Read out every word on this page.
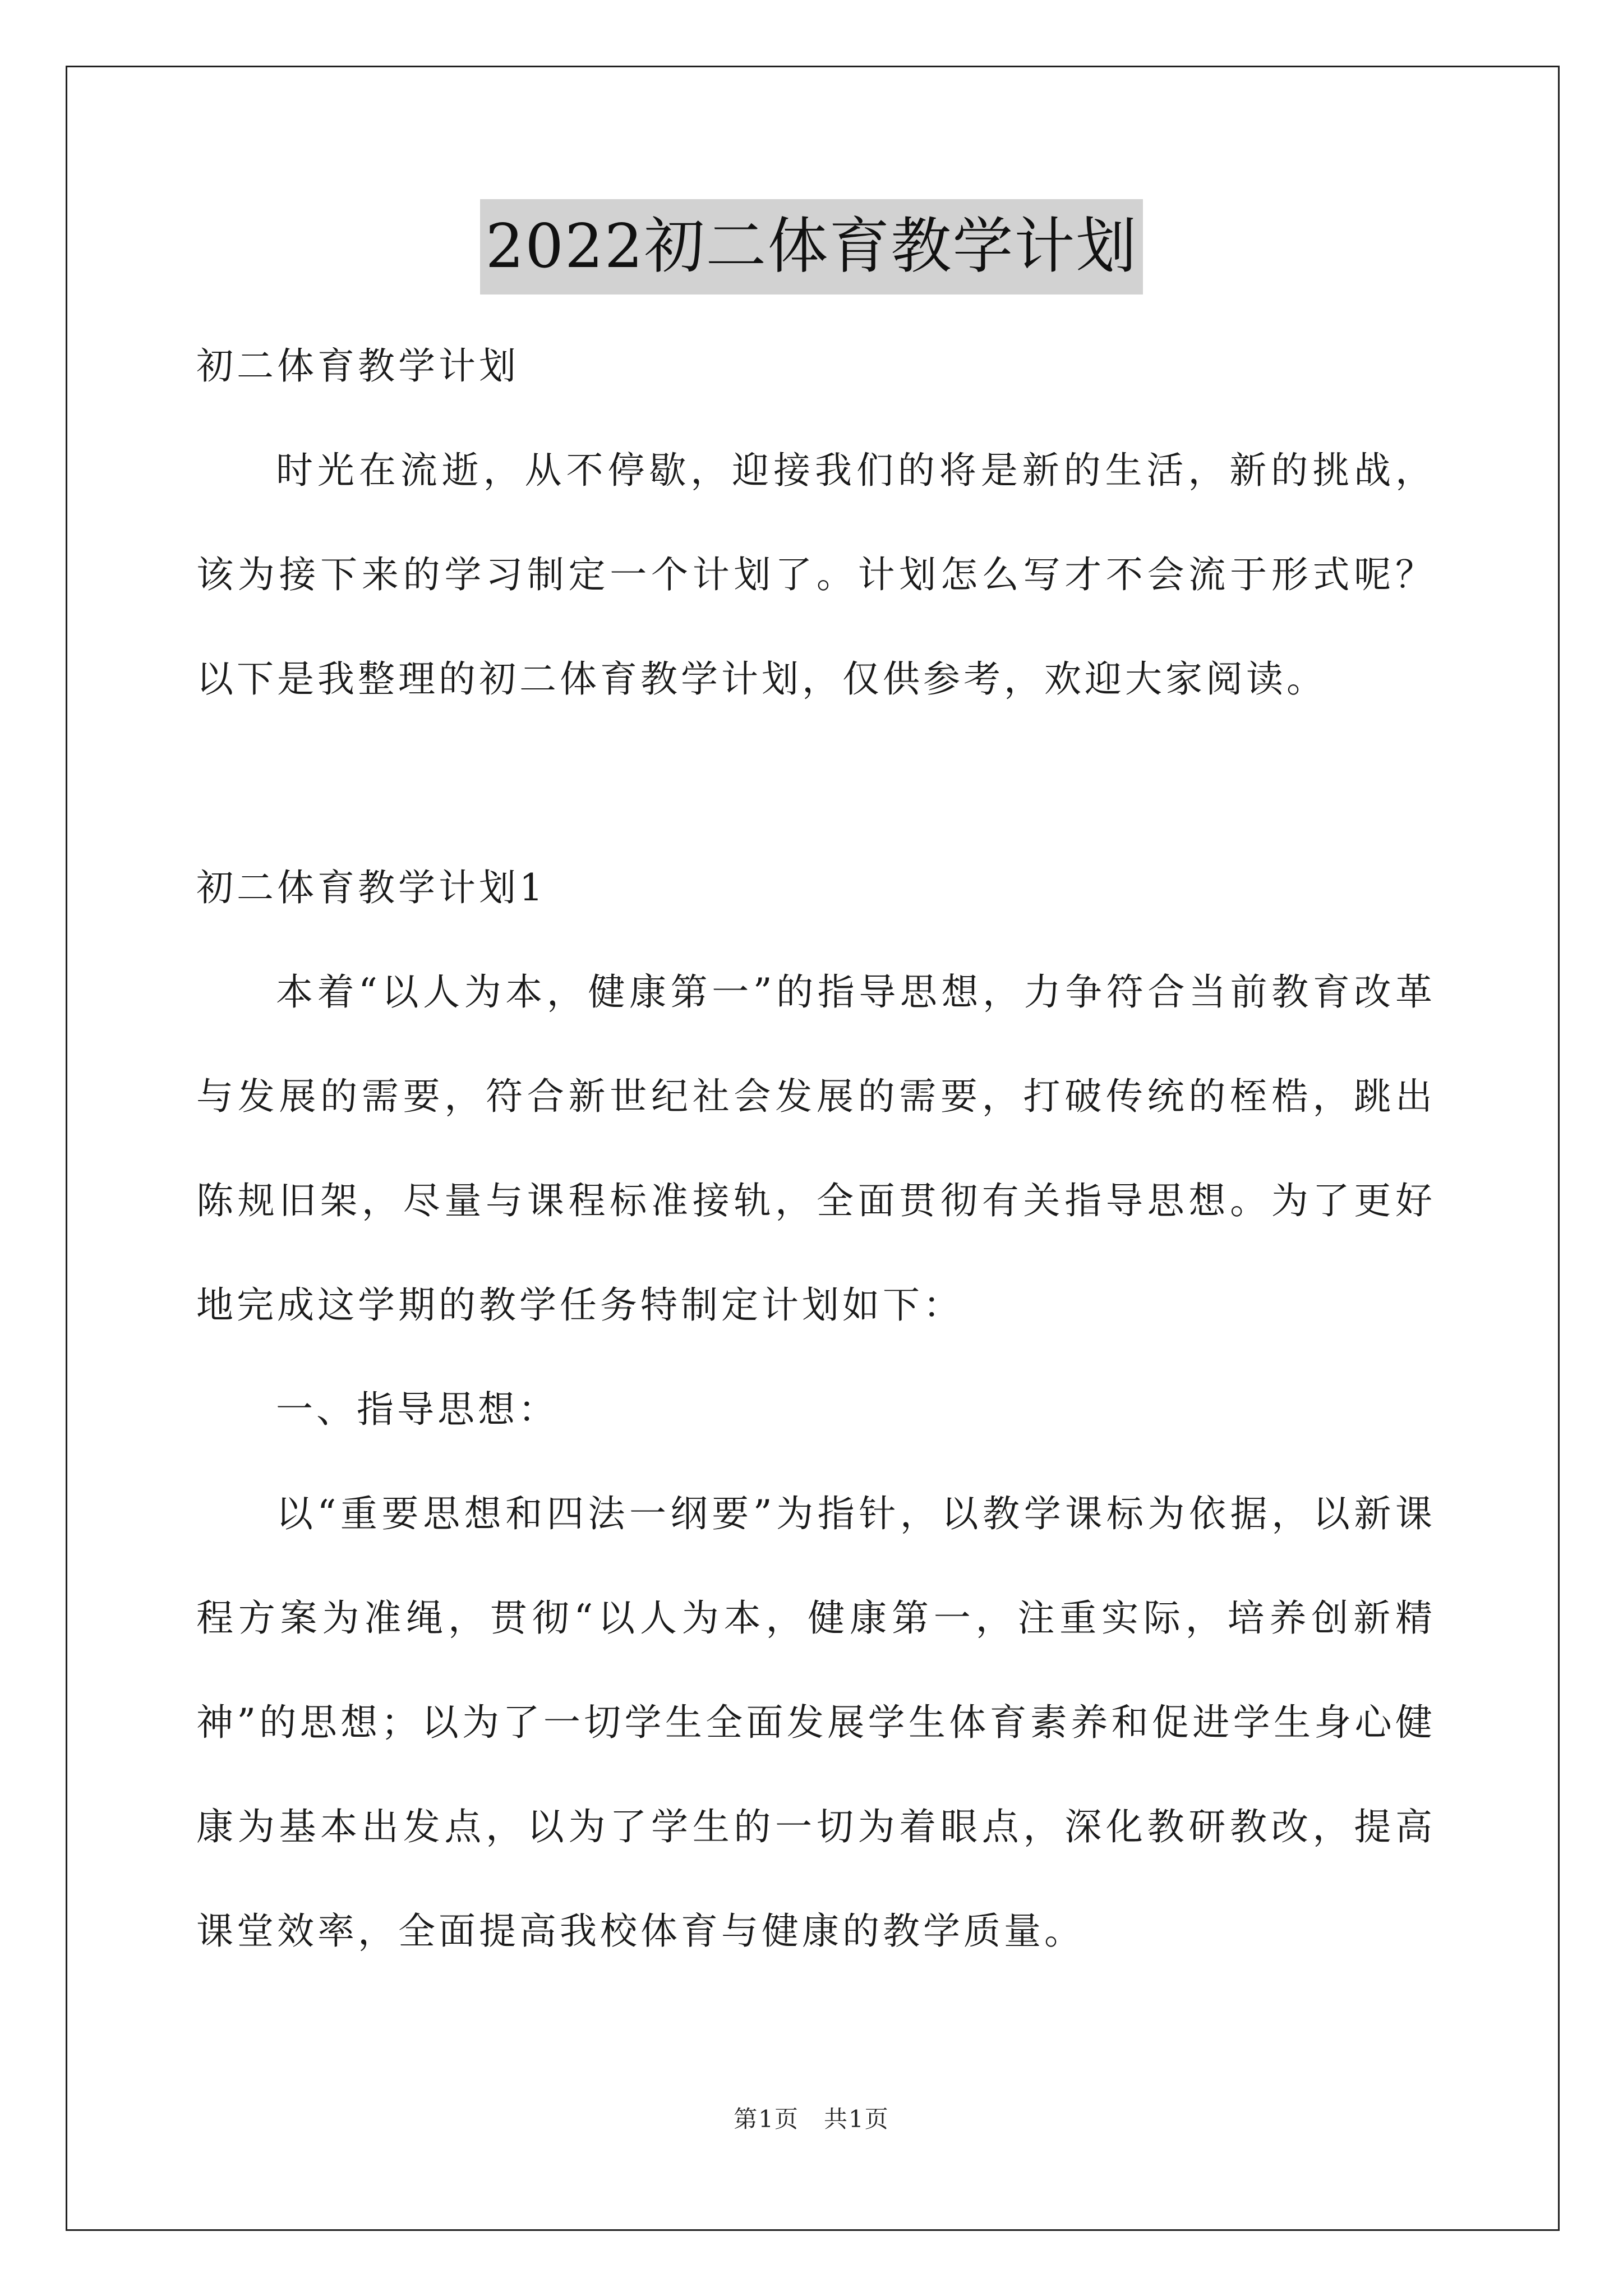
2022初二体育教学计划

初二体育教学计划

时光在流逝，从不停歇，迎接我们的将是新的生活，新的挑战，该为接下来的学习制定一个计划了。计划怎么写才不会流于形式呢？以下是我整理的初二体育教学计划，仅供参考，欢迎大家阅读。

初二体育教学计划1

本着“以人为本，健康第一”的指导思想，力争符合当前教育改革与发展的需要，符合新世纪社会发展的需要，打破传统的桎梏，跳出陈规旧架，尽量与课程标准接轨，全面贯彻有关指导思想。为了更好地完成这学期的教学任务特制定计划如下：

一、指导思想：

以“重要思想和四法一纲要”为指针，以教学课标为依据，以新课程方案为准绳，贯彻“以人为本，健康第一，注重实际，培养创新精神”的思想；以为了一切学生全面发展学生体育素养和促进学生身心健康为基本出发点，以为了学生的一切为着眼点，深化教研教改，提高课堂效率，全面提高我校体育与健康的教学质量。

第1页　共1页
